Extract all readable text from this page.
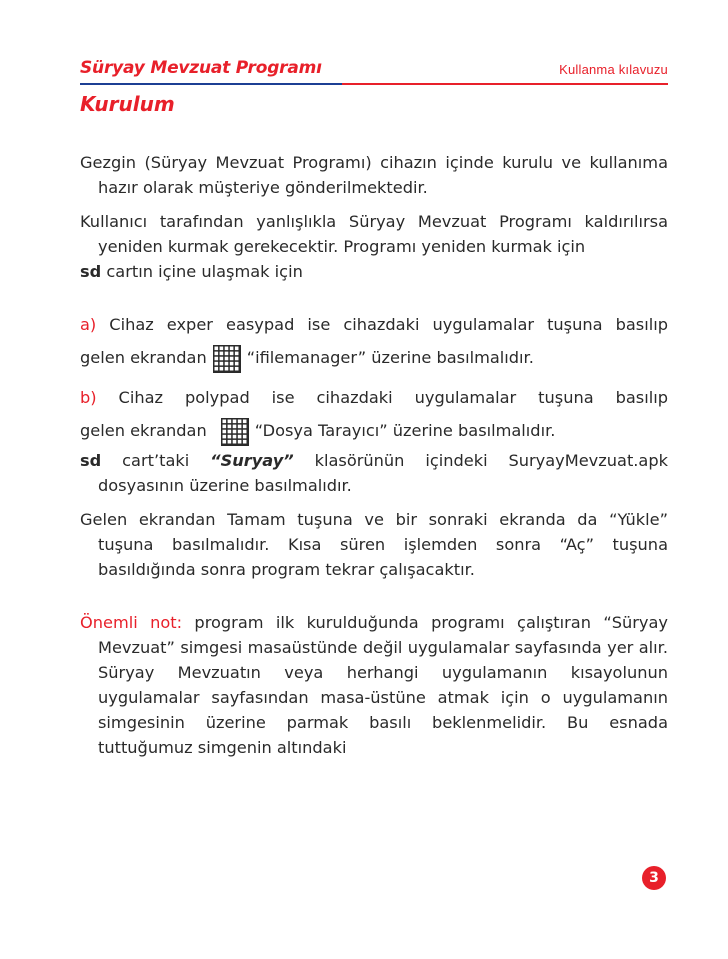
Süryay Mevzuat Programı	Kullanma kılavuzu
Kurulum

Gezgin (Süryay Mevzuat Programı) cihazın içinde kurulu ve kullanıma hazır olarak müşteriye gönderilmektedir.

Kullanıcı tarafından yanlışlıkla Süryay Mevzuat Programı kaldırılırsa yeniden kurmak gerekecektir. Programı yeniden kurmak için

sd cartın içine ulaşmak için

a) Cihaz exper easypad ise cihazdaki uygulamalar tuşuna basılıp
gelen ekrandan “ifilemanager” üzerine basılmalıdır.
b) Cihaz polypad ise cihazdaki uygulamalar tuşuna basılıp
gelen ekrandan	“Dosya Tarayıcı” üzerine basılmalıdır.

sd cart’taki “Suryay” klasörünün içindeki SuryayMevzuat.apk dosyasının üzerine basılmalıdır.

Gelen ekrandan Tamam tuşuna ve bir sonraki ekranda da “Yükle” tuşuna basılmalıdır. Kısa süren işlemden sonra “Aç” tuşuna basıldığında sonra program tekrar çalışacaktır.

Önemli not: program ilk kurulduğunda programı çalıştıran “Süryay Mevzuat” simgesi masaüstünde değil uygulamalar sayfasında yer alır. Süryay Mevzuatın veya herhangi uygulamanın kısayolunun uygulamalar sayfasından masa-üstüne atmak için o uygulamanın simgesinin üzerine parmak basılı beklenmelidir. Bu esnada tuttuğumuz simgenin altındaki

3
